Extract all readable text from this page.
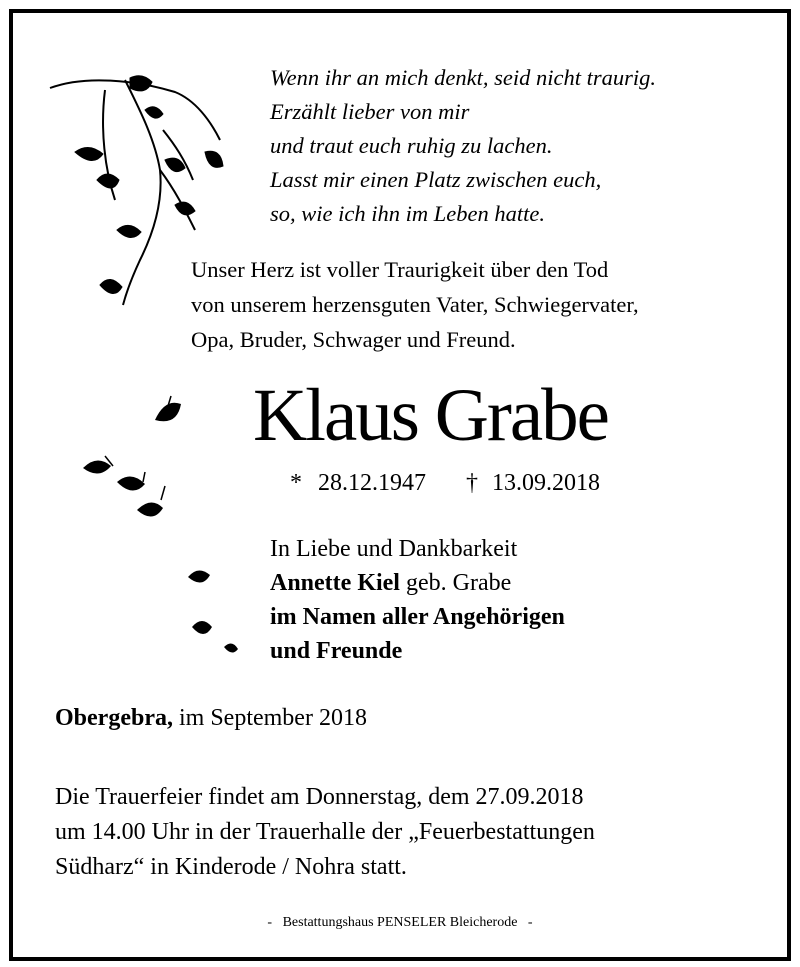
Wenn ihr an mich denkt, seid nicht traurig.
Erzählt lieber von mir
und traut euch ruhig zu lachen.
Lasst mir einen Platz zwischen euch,
so, wie ich ihn im Leben hatte.
Unser Herz ist voller Traurigkeit über den Tod
von unserem herzensguten Vater, Schwiegervater,
Opa, Bruder, Schwager und Freund.
Klaus Grabe
* 28.12.1947 † 13.09.2018
In Liebe und Dankbarkeit
Annette Kiel geb. Grabe
im Namen aller Angehörigen
und Freunde
Obergebra, im September 2018
Die Trauerfeier findet am Donnerstag, dem 27.09.2018
um 14.00 Uhr in der Trauerhalle der „Feuerbestattungen
Südharz“ in Kinderode / Nohra statt.
-   Bestattungshaus PENSELER Bleicherode   -
